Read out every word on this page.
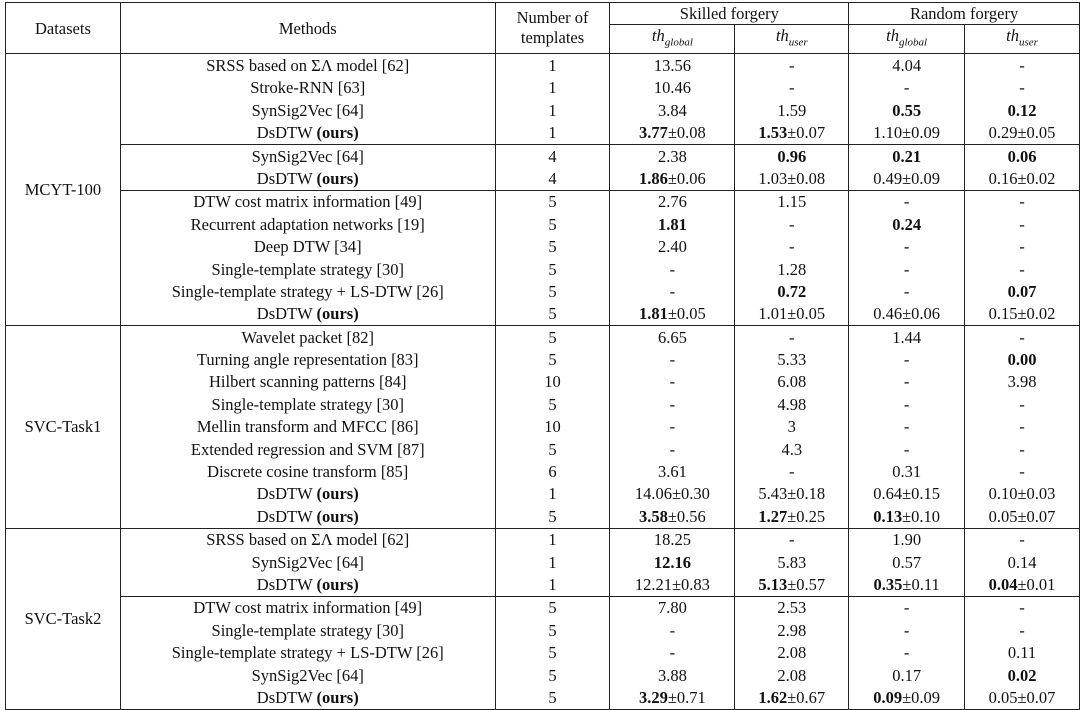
Datasets	Methods	Number of
templates	Skilled forgery		Random forgery	
			$th_{global}$	$th_{user}$	$th_{global}$	$th_{user}$
MCYT-100	SRSS based on ΣΛ model [62]	1	13.56	-	4.04	-
	Stroke-RNN [63]	1	10.46	-	-	-
	SynSig2Vec [64]	1	3.84	1.59	0.55	0.12
	DsDTW (ours)	1	3.77±0.08	1.53±0.07	1.10±0.09	0.29±0.05
	SynSig2Vec [64]	4	2.38	0.96	0.21	0.06
	DsDTW (ours)	4	1.86±0.06	1.03±0.08	0.49±0.09	0.16±0.02
	DTW cost matrix information [49]	5	2.76	1.15	-	-
	Recurrent adaptation networks [19]	5	1.81	-	0.24	-
	Deep DTW [34]	5	2.40	-	-	-
	Single-template strategy [30]	5	-	1.28	-	-
	Single-template strategy + LS-DTW [26]	5	-	0.72	-	0.07
	DsDTW (ours)	5	1.81±0.05	1.01±0.05	0.46±0.06	0.15±0.02
SVC-Task1	Wavelet packet [82]	5	6.65	-	1.44	-
	Turning angle representation [83]	5	-	5.33	-	0.00
	Hilbert scanning patterns [84]	10	-	6.08	-	3.98
	Single-template strategy [30]	5	-	4.98	-	-
	Mellin transform and MFCC [86]	10	-	3	-	-
	Extended regression and SVM [87]	5	-	4.3	-	-
	Discrete cosine transform [85]	6	3.61	-	0.31	-
	DsDTW (ours)	1	14.06±0.30	5.43±0.18	0.64±0.15	0.10±0.03
	DsDTW (ours)	5	3.58±0.56	1.27±0.25	0.13±0.10	0.05±0.07
SVC-Task2	SRSS based on ΣΛ model [62]	1	18.25	-	1.90	-
	SynSig2Vec [64]	1	12.16	5.83	0.57	0.14
	DsDTW (ours)	1	12.21±0.83	5.13±0.57	0.35±0.11	0.04±0.01
	DTW cost matrix information [49]	5	7.80	2.53	-	-
	Single-template strategy [30]	5	-	2.98	-	-
	Single-template strategy + LS-DTW [26]	5	-	2.08	-	0.11
	SynSig2Vec [64]	5	3.88	2.08	0.17	0.02
	DsDTW (ours)	5	3.29±0.71	1.62±0.67	0.09±0.09	0.05±0.07
